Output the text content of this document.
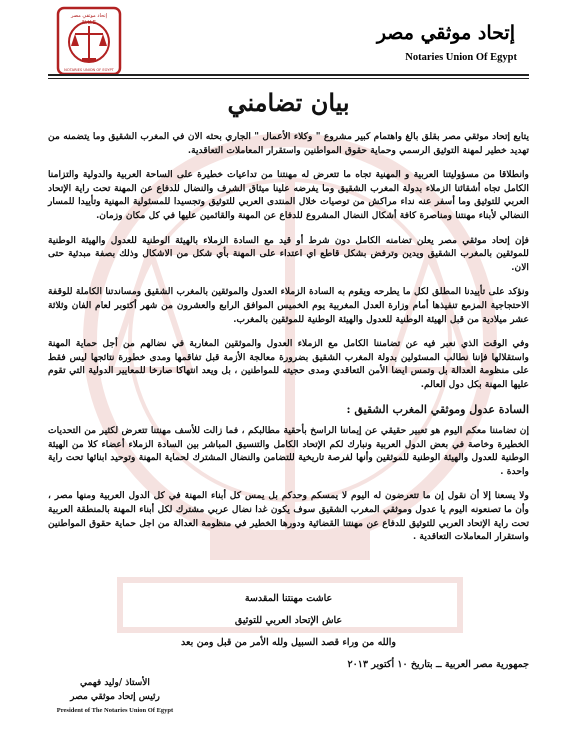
إتحاد موثقي مصر
N.U.E
NOTARIES UNION OF EGYPT
إتحاد موثقي مصر
Notaries Union Of Egypt
بيان تضامني

يتابع إتحاد موثقي مصر بقلق بالغ واهتمام كبير مشروع " وكلاء الأعمال " الجاري بحثه الان في المغرب الشقيق وما يتضمنه من تهديد خطير لمهنة التوثيق الرسمي وحماية حقوق المواطنين واستقرار المعاملات التعاقدية.

وانطلاقا من مسؤوليتنا العربية و المهنية تجاه ما تتعرض له مهنتنا من تداعيات خطيرة على الساحة العربية والدولية والتزامنا الكامل تجاه أشقائنا الزملاء بدولة المغرب الشقيق وما يفرضه علينا ميثاق الشرف والنضال للدفاع عن المهنة تحت راية الإتحاد العربي للتوثيق وما أسفر عنه نداء مراكش من توصيات خلال المنتدى العربي للتوثيق وتجسيدا للمسئولية المهنية وتأييدا للمسار النضالي لأبناء مهنتنا ومناصرة كافة أشكال النضال المشروع للدفاع عن المهنة والقائمين عليها في كل مكان وزمان.

فإن إتحاد موثقي مصر يعلن تضامنه الكامل دون شرط أو قيد مع السادة الزملاء بالهيئة الوطنية للعدول والهيئة الوطنية للموثقين بالمغرب الشقيق ويدين وترفض بشكل قاطع اي اعتداء على المهنة بأي شكل من الاشكال وذلك بصفة مبدئية حتى الان.

ونؤكد على تأييدنا المطلق لكل ما يطرحه ويقوم به السادة الزملاء العدول والموثقين بالمغرب الشقيق ومساندتنا الكاملة للوقفة الاحتجاجية المزمع تنفيذها أمام وزارة العدل المغربية يوم الخميس الموافق الرابع والعشرون من شهر أكتوبر لعام الفان وثلاثة عشر ميلادية من قبل الهيئة الوطنية للعدول والهيئة الوطنية للموثقين بالمغرب.

وفي الوقت الذي نعبر فيه عن تضامننا الكامل مع الزملاء العدول والموثقين المغاربة في نضالهم من أجل حماية المهنة واستقلالها فإننا نطالب المسئولين بدولة المغرب الشقيق بضرورة معالجة الأزمة قبل تفاقمها ومدى خطورة نتائجها ليس فقط على منظومة العدالة بل وتمس ايضا الأمن التعاقدي ومدى حجيته للمواطنين ، بل ويعد انتهاكا صارخا للمعايير الدولية التي تقوم عليها المهنة بكل دول العالم.

السادة عدول وموثقي المغرب الشقيق :

إن تضامننا معكم اليوم هو تعبير حقيقي عن إيماننا الراسخ بأحقية مطالبكم ، فما زالت للأسف مهنتنا تتعرض لكثير من التحديات الخطيرة وخاصة في بعض الدول العربية ونبارك لكم الإتحاد الكامل والتنسيق المباشر بين السادة الزملاء أعضاء كلا من الهيئة الوطنية للعدول والهيئة الوطنية للموثقين وأنها لفرصة تاريخية للتضامن والنضال المشترك لحماية المهنة وتوحيد ابنائها تحت راية واحدة .

ولا يسعنا إلا أن نقول إن ما تتعرضون له اليوم لا يمسكم وحدكم بل يمس كل أبناء المهنة في كل الدول العربية ومنها مصر ، وأن ما تصنعونه اليوم يا عدول وموثقي المغرب الشقيق سوف يكون غدا نضال عربي مشترك لكل أبناء المهنة بالمنطقة العربية تحت راية الإتحاد العربي للتوثيق للدفاع عن مهنتنا القضائية ودورها الخطير في منظومة العدالة من اجل حماية حقوق المواطنين واستقرار المعاملات التعاقدية .

عاشت مهنتنا المقدسة
عاش الإتحاد العربي للتوثيق
والله من وراء قصد السبيل ولله الأمر من قبل ومن بعد
جمهورية مصر العربية ــ بتاريخ ١٠ أكتوبر ٢٠١٣
الأستاذ /وليد فهمي
رئيس إتحاد موثقي مصر
President of The Notaries Union Of Egypt
